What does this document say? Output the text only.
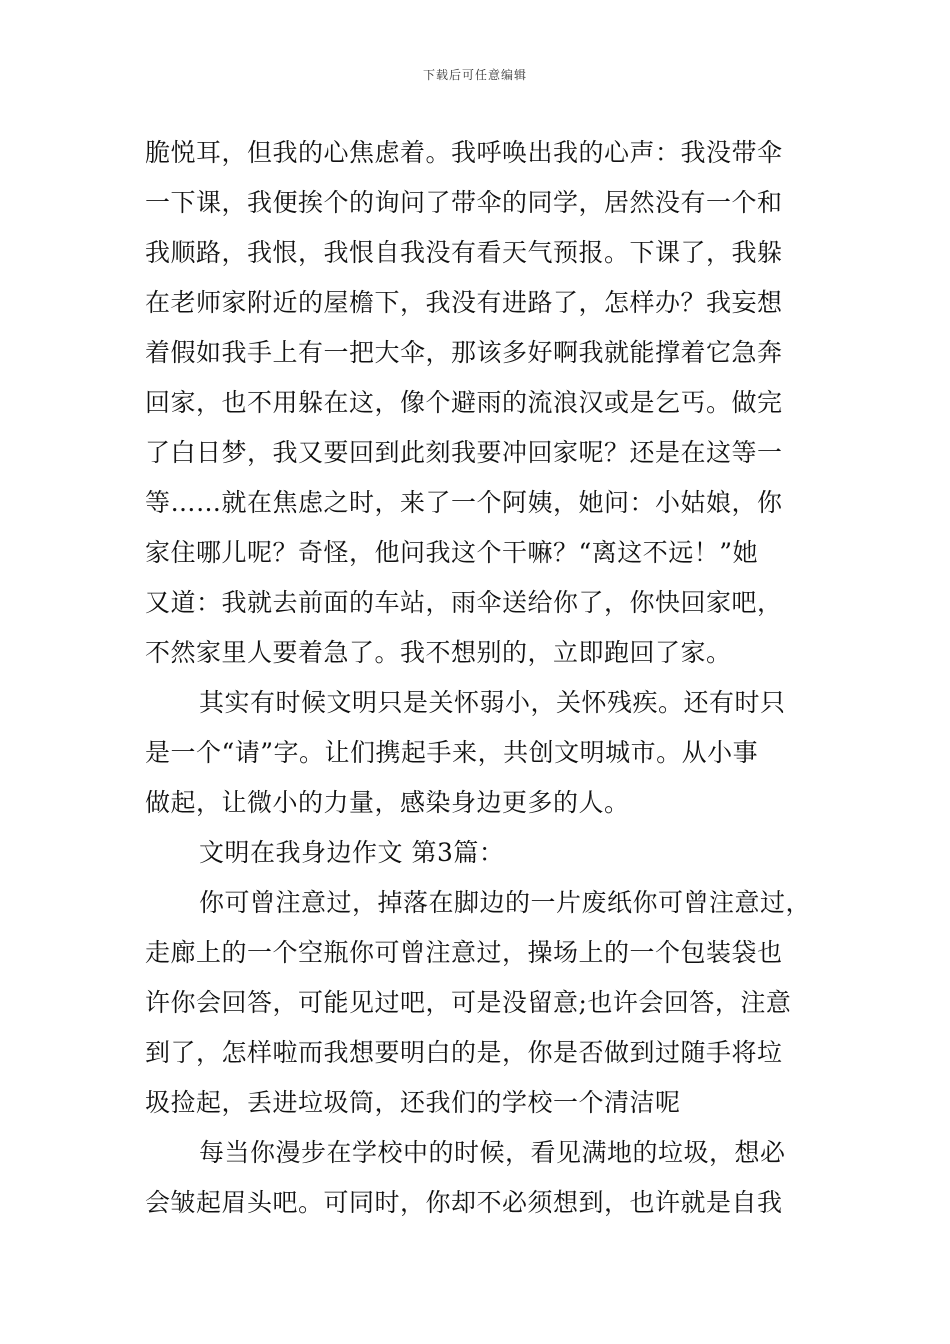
下载后可任意编辑
脆悦耳，但我的心焦虑着。我呼唤出我的心声：我没带伞
一下课，我便挨个的询问了带伞的同学，居然没有一个和
我顺路，我恨，我恨自我没有看天气预报。下课了，我躲
在老师家附近的屋檐下，我没有进路了，怎样办？我妄想
着假如我手上有一把大伞，那该多好啊我就能撑着它急奔
回家，也不用躲在这，像个避雨的流浪汉或是乞丐。做完
了白日梦，我又要回到此刻我要冲回家呢？还是在这等一
等……就在焦虑之时，来了一个阿姨，她问：小姑娘，你
家住哪儿呢？奇怪，他问我这个干嘛？“离这不远！”她
又道：我就去前面的车站，雨伞送给你了，你快回家吧，
不然家里人要着急了。我不想别的，立即跑回了家。
其实有时候文明只是关怀弱小，关怀残疾。还有时只
是一个“请”字。让们携起手来，共创文明城市。从小事
做起，让微小的力量，感染身边更多的人。
文明在我身边作文 第3篇：
你可曾注意过，掉落在脚边的一片废纸你可曾注意过，
走廊上的一个空瓶你可曾注意过，操场上的一个包装袋也
许你会回答，可能见过吧，可是没留意;也许会回答，注意
到了，怎样啦而我想要明白的是，你是否做到过随手将垃
圾捡起，丢进垃圾筒，还我们的学校一个清洁呢
每当你漫步在学校中的时候，看见满地的垃圾，想必
会皱起眉头吧。可同时，你却不必须想到，也许就是自我
